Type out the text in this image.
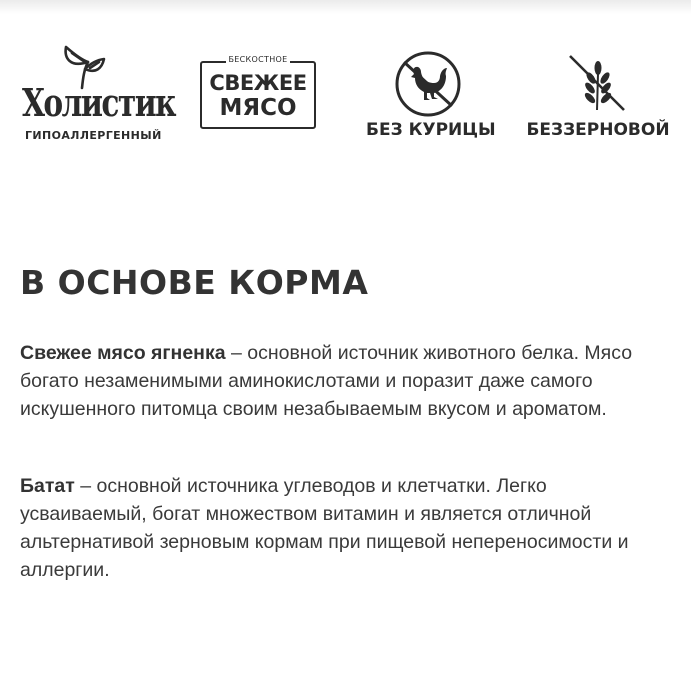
Холистик
ГИПОАЛЛЕРГЕННЫЙ
БЕСКОСТНОЕ
СВЕЖЕЕ
МЯСО
БЕЗ КУРИЦЫ БЕЗЗЕРНОВОЙ
В ОСНОВЕ КОРМА

Свежее мясо ягненка – основной источник животного белка. Мясо богато незаменимыми аминокислотами и поразит даже самого искушенного питомца своим незабываемым вкусом и ароматом.

Батат – основной источника углеводов и клетчатки. Легко усваиваемый, богат множеством витамин и является отличной альтернативой зерновым кормам при пищевой непереносимости и аллергии.
